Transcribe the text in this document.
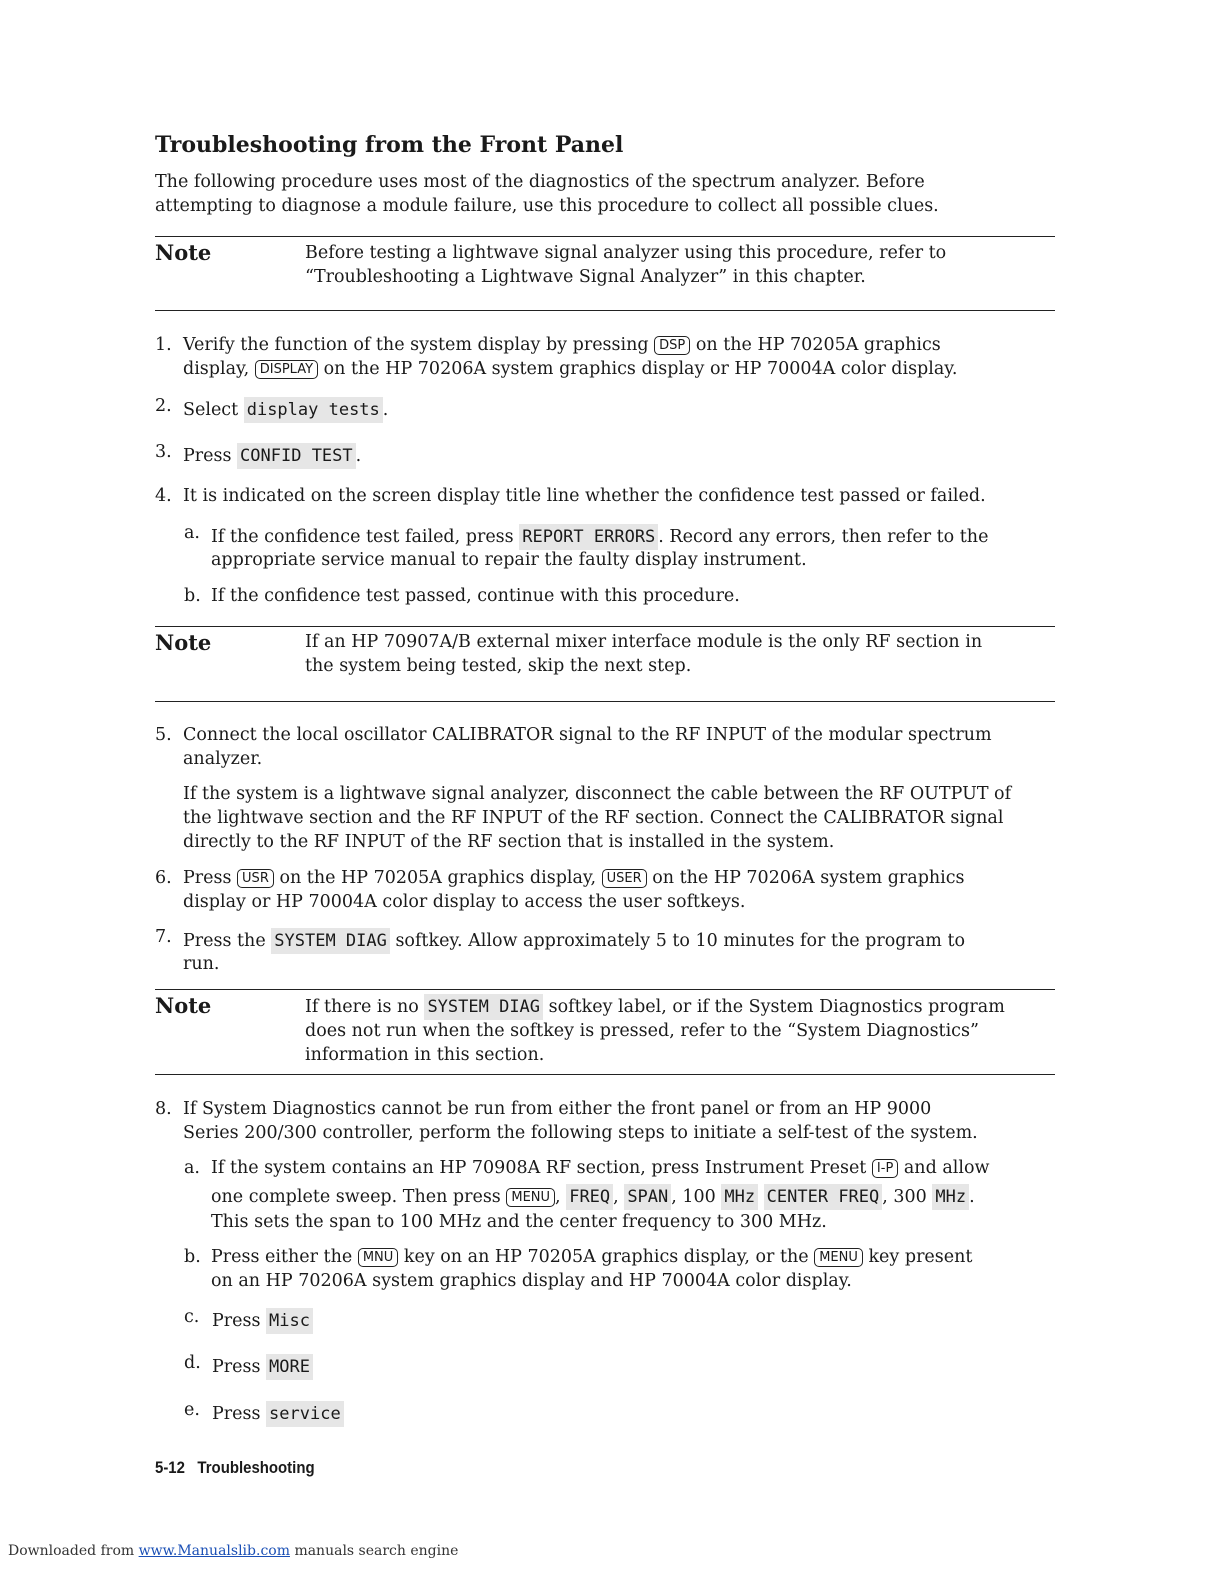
Troubleshooting from the Front Panel
The following procedure uses most of the diagnostics of the spectrum analyzer. Before
attempting to diagnose a module failure, use this procedure to collect all possible clues.
Note	Before testing a lightwave signal analyzer using this procedure, refer to
“Troubleshooting a Lightwave Signal Analyzer” in this chapter.
1. Verify the function of the system display by pressing DSP on the HP 70205A graphics
display, DISPLAY on the HP 70206A system graphics display or HP 70004A color display.
2. Select display tests .
3. Press CONFID TEST .
4. It is indicated on the screen display title line whether the confidence test passed or failed.
a. If the confidence test failed, press REPORT ERRORS . Record any errors, then refer to the
appropriate service manual to repair the faulty display instrument.
b. If the confidence test passed, continue with this procedure.
Note	If an HP 70907A/B external mixer interface module is the only RF section in
the system being tested, skip the next step.
5. Connect the local oscillator CALIBRATOR signal to the RF INPUT of the modular spectrum
analyzer.
If the system is a lightwave signal analyzer, disconnect the cable between the RF OUTPUT of
the lightwave section and the RF INPUT of the RF section. Connect the CALIBRATOR signal
directly to the RF INPUT of the RF section that is installed in the system.
6. Press USR on the HP 70205A graphics display, USER on the HP 70206A system graphics
display or HP 70004A color display to access the user softkeys.
7. Press the SYSTEM DIAG softkey. Allow approximately 5 to 10 minutes for the program to
run.
Note	If there is no SYSTEM DIAG softkey label, or if the System Diagnostics program
does not run when the softkey is pressed, refer to the “System Diagnostics”
information in this section.
8. If System Diagnostics cannot be run from either the front panel or from an HP 9000
Series 200/300 controller, perform the following steps to initiate a self-test of the system.
a. If the system contains an HP 70908A RF section, press Instrument Preset I-P and allow
one complete sweep. Then press MENU , FREQ , SPAN , 100 MHz CENTER FREQ , 300 MHz .
This sets the span to 100 MHz and the center frequency to 300 MHz.
b. Press either the MNU key on an HP 70205A graphics display, or the MENU key present
on an HP 70206A system graphics display and HP 70004A color display.
c. Press Misc
d. Press MORE
e. Press service
5-12 Troubleshooting
Downloaded from www.Manualslib.com manuals search engine
